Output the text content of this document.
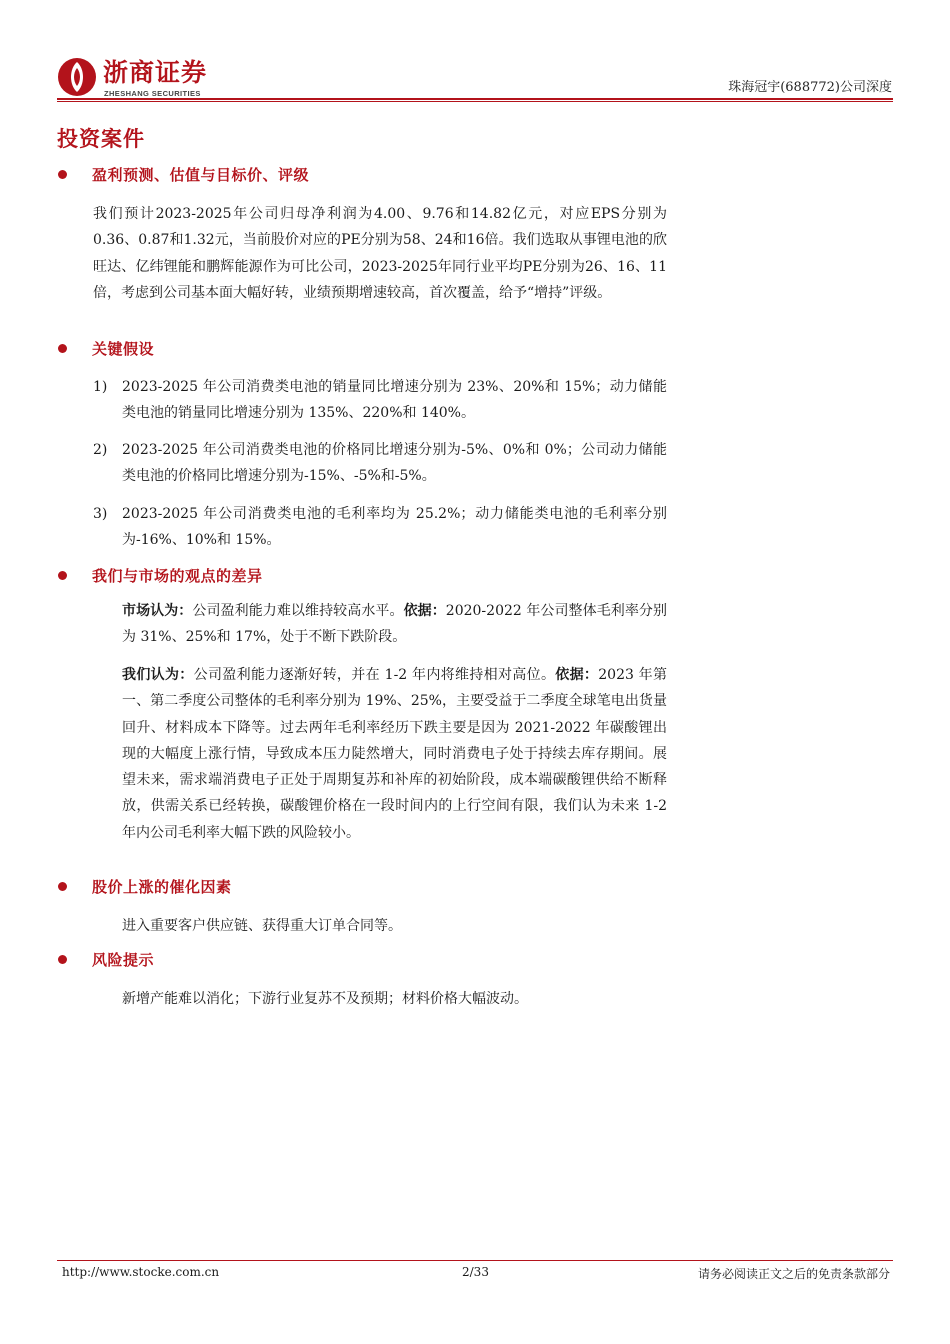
浙商证券
ZHESHANG SECURITIES	珠海冠宇(688772)公司深度
投资案件
盈利预测、估值与目标价、评级
我们预计2023-2025年公司归母净利润为4.00、9.76和14.82亿元，对应EPS分别为0.36、0.87和1.32元，当前股价对应的PE分别为58、24和16倍。我们选取从事锂电池的欣旺达、亿纬锂能和鹏辉能源作为可比公司，2023-2025年同行业平均PE分别为26、16、11倍，考虑到公司基本面大幅好转，业绩预期增速较高，首次覆盖，给予“增持”评级。
关键假设
1) 2023-2025 年公司消费类电池的销量同比增速分别为 23%、20%和 15%；动力储能类电池的销量同比增速分别为 135%、220%和 140%。
2) 2023-2025 年公司消费类电池的价格同比增速分别为-5%、0%和 0%；公司动力储能类电池的价格同比增速分别为-15%、-5%和-5%。
3) 2023-2025 年公司消费类电池的毛利率均为 25.2%；动力储能类电池的毛利率分别为-16%、10%和 15%。
我们与市场的观点的差异
市场认为：公司盈利能力难以维持较高水平。依据：2020-2022 年公司整体毛利率分别为 31%、25%和 17%，处于不断下跌阶段。
我们认为：公司盈利能力逐渐好转，并在 1-2 年内将维持相对高位。依据：2023 年第一、第二季度公司整体的毛利率分别为 19%、25%，主要受益于二季度全球笔电出货量回升、材料成本下降等。过去两年毛利率经历下跌主要是因为 2021-2022 年碳酸锂出现的大幅度上涨行情，导致成本压力陡然增大，同时消费电子处于持续去库存期间。展望未来，需求端消费电子正处于周期复苏和补库的初始阶段，成本端碳酸锂供给不断释放，供需关系已经转换，碳酸锂价格在一段时间内的上行空间有限，我们认为未来 1-2 年内公司毛利率大幅下跌的风险较小。
股价上涨的催化因素
进入重要客户供应链、获得重大订单合同等。
风险提示
新增产能难以消化；下游行业复苏不及预期；材料价格大幅波动。
http://www.stocke.com.cn	2/33	请务必阅读正文之后的免责条款部分
